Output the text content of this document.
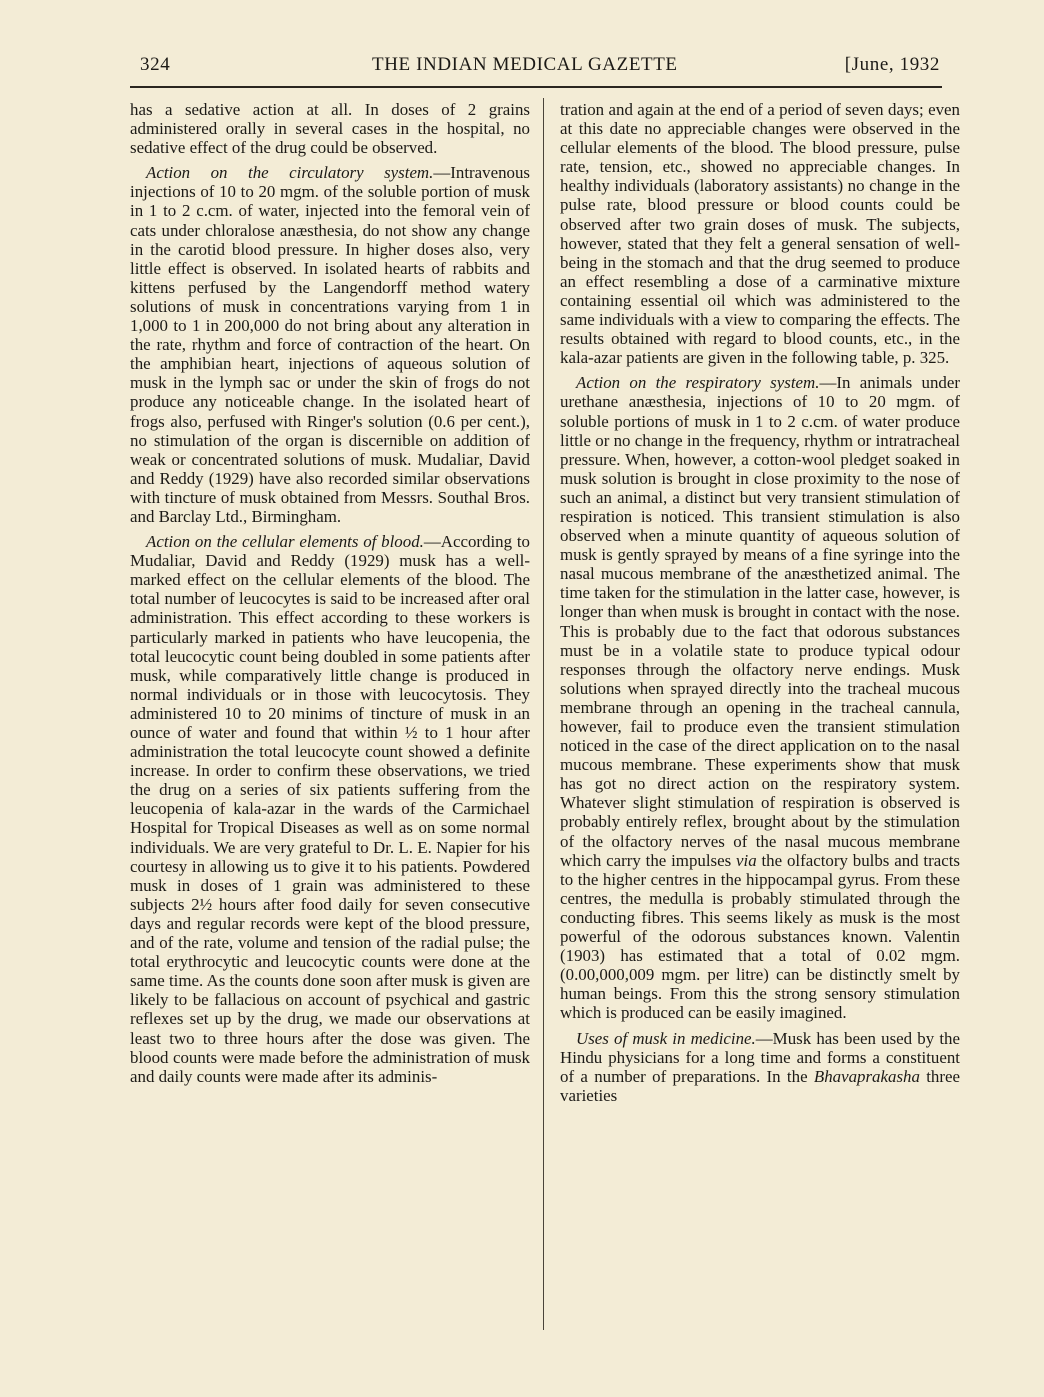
324	THE INDIAN MEDICAL GAZETTE	[June, 1932

has a sedative action at all. In doses of 2 grains administered orally in several cases in the hospital, no sedative effect of the drug could be observed.

Action on the circulatory system.—Intravenous injections of 10 to 20 mgm. of the soluble portion of musk in 1 to 2 c.cm. of water, injected into the femoral vein of cats under chloralose anæsthesia, do not show any change in the carotid blood pressure. In higher doses also, very little effect is observed. In isolated hearts of rabbits and kittens perfused by the Langendorff method watery solutions of musk in concentrations varying from 1 in 1,000 to 1 in 200,000 do not bring about any alteration in the rate, rhythm and force of contraction of the heart. On the amphibian heart, injections of aqueous solution of musk in the lymph sac or under the skin of frogs do not produce any noticeable change. In the isolated heart of frogs also, perfused with Ringer's solution (0.6 per cent.), no stimulation of the organ is discernible on addition of weak or concentrated solutions of musk. Mudaliar, David and Reddy (1929) have also recorded similar observations with tincture of musk obtained from Messrs. Southal Bros. and Barclay Ltd., Birmingham.

Action on the cellular elements of blood.—According to Mudaliar, David and Reddy (1929) musk has a well-marked effect on the cellular elements of the blood. The total number of leucocytes is said to be increased after oral administration. This effect according to these workers is particularly marked in patients who have leucopenia, the total leucocytic count being doubled in some patients after musk, while comparatively little change is produced in normal individuals or in those with leucocytosis. They administered 10 to 20 minims of tincture of musk in an ounce of water and found that within ½ to 1 hour after administration the total leucocyte count showed a definite increase. In order to confirm these observations, we tried the drug on a series of six patients suffering from the leucopenia of kala-azar in the wards of the Carmichael Hospital for Tropical Diseases as well as on some normal individuals. We are very grateful to Dr. L. E. Napier for his courtesy in allowing us to give it to his patients. Powdered musk in doses of 1 grain was administered to these subjects 2½ hours after food daily for seven consecutive days and regular records were kept of the blood pressure, and of the rate, volume and tension of the radial pulse; the total erythrocytic and leucocytic counts were done at the same time. As the counts done soon after musk is given are likely to be fallacious on account of psychical and gastric reflexes set up by the drug, we made our observations at least two to three hours after the dose was given. The blood counts were made before the administration of musk and daily counts were made after its adminis-

tration and again at the end of a period of seven days; even at this date no appreciable changes were observed in the cellular elements of the blood. The blood pressure, pulse rate, tension, etc., showed no appreciable changes. In healthy individuals (laboratory assistants) no change in the pulse rate, blood pressure or blood counts could be observed after two grain doses of musk. The subjects, however, stated that they felt a general sensation of well-being in the stomach and that the drug seemed to produce an effect resembling a dose of a carminative mixture containing essential oil which was administered to the same individuals with a view to comparing the effects. The results obtained with regard to blood counts, etc., in the kala-azar patients are given in the following table, p. 325.

Action on the respiratory system.—In animals under urethane anæsthesia, injections of 10 to 20 mgm. of soluble portions of musk in 1 to 2 c.cm. of water produce little or no change in the frequency, rhythm or intratracheal pressure. When, however, a cotton-wool pledget soaked in musk solution is brought in close proximity to the nose of such an animal, a distinct but very transient stimulation of respiration is noticed. This transient stimulation is also observed when a minute quantity of aqueous solution of musk is gently sprayed by means of a fine syringe into the nasal mucous membrane of the anæsthetized animal. The time taken for the stimulation in the latter case, however, is longer than when musk is brought in contact with the nose. This is probably due to the fact that odorous substances must be in a volatile state to produce typical odour responses through the olfactory nerve endings. Musk solutions when sprayed directly into the tracheal mucous membrane through an opening in the tracheal cannula, however, fail to produce even the transient stimulation noticed in the case of the direct application on to the nasal mucous membrane. These experiments show that musk has got no direct action on the respiratory system. Whatever slight stimulation of respiration is observed is probably entirely reflex, brought about by the stimulation of the olfactory nerves of the nasal mucous membrane which carry the impulses via the olfactory bulbs and tracts to the higher centres in the hippocampal gyrus. From these centres, the medulla is probably stimulated through the conducting fibres. This seems likely as musk is the most powerful of the odorous substances known. Valentin (1903) has estimated that a total of 0.02 mgm. (0.00,000,009 mgm. per litre) can be distinctly smelt by human beings. From this the strong sensory stimulation which is produced can be easily imagined.

Uses of musk in medicine.—Musk has been used by the Hindu physicians for a long time and forms a constituent of a number of preparations. In the Bhavaprakasha three varieties
